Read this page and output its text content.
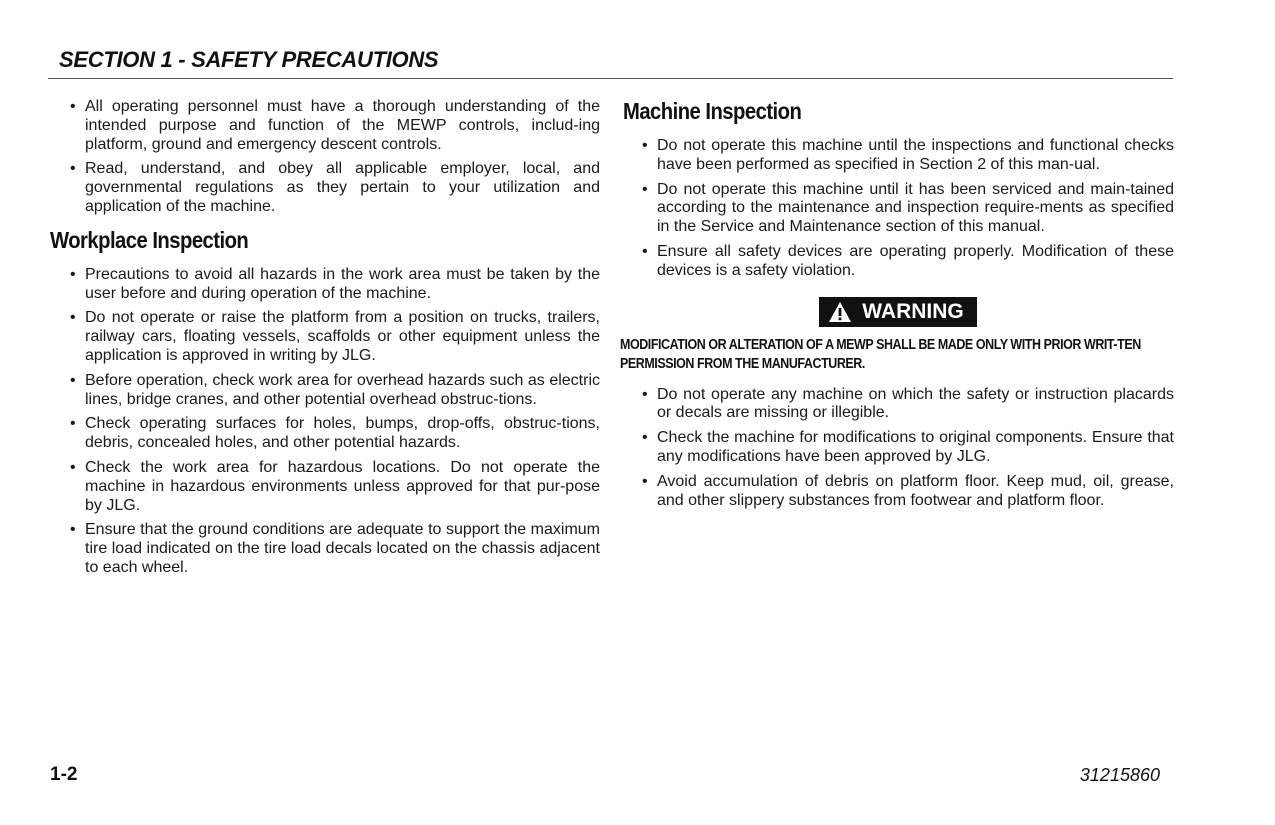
SECTION 1 - SAFETY PRECAUTIONS
• All operating personnel must have a thorough understanding of the intended purpose and function of the MEWP controls, includ-ing platform, ground and emergency descent controls.
• Read, understand, and obey all applicable employer, local, and governmental regulations as they pertain to your utilization and application of the machine.
Workplace Inspection
• Precautions to avoid all hazards in the work area must be taken by the user before and during operation of the machine.
• Do not operate or raise the platform from a position on trucks, trailers, railway cars, floating vessels, scaffolds or other equipment unless the application is approved in writing by JLG.
• Before operation, check work area for overhead hazards such as electric lines, bridge cranes, and other potential overhead obstruc-tions.
• Check operating surfaces for holes, bumps, drop-offs, obstruc-tions, debris, concealed holes, and other potential hazards.
• Check the work area for hazardous locations. Do not operate the machine in hazardous environments unless approved for that pur-pose by JLG.
• Ensure that the ground conditions are adequate to support the maximum tire load indicated on the tire load decals located on the chassis adjacent to each wheel.
Machine Inspection
• Do not operate this machine until the inspections and functional checks have been performed as specified in Section 2 of this man-ual.
• Do not operate this machine until it has been serviced and main-tained according to the maintenance and inspection require-ments as specified in the Service and Maintenance section of this manual.
• Ensure all safety devices are operating properly. Modification of these devices is a safety violation.
WARNING
MODIFICATION OR ALTERATION OF A MEWP SHALL BE MADE ONLY WITH PRIOR WRIT-TEN PERMISSION FROM THE MANUFACTURER.
• Do not operate any machine on which the safety or instruction placards or decals are missing or illegible.
• Check the machine for modifications to original components. Ensure that any modifications have been approved by JLG.
• Avoid accumulation of debris on platform floor. Keep mud, oil, grease, and other slippery substances from footwear and platform floor.
1-2	31215860
